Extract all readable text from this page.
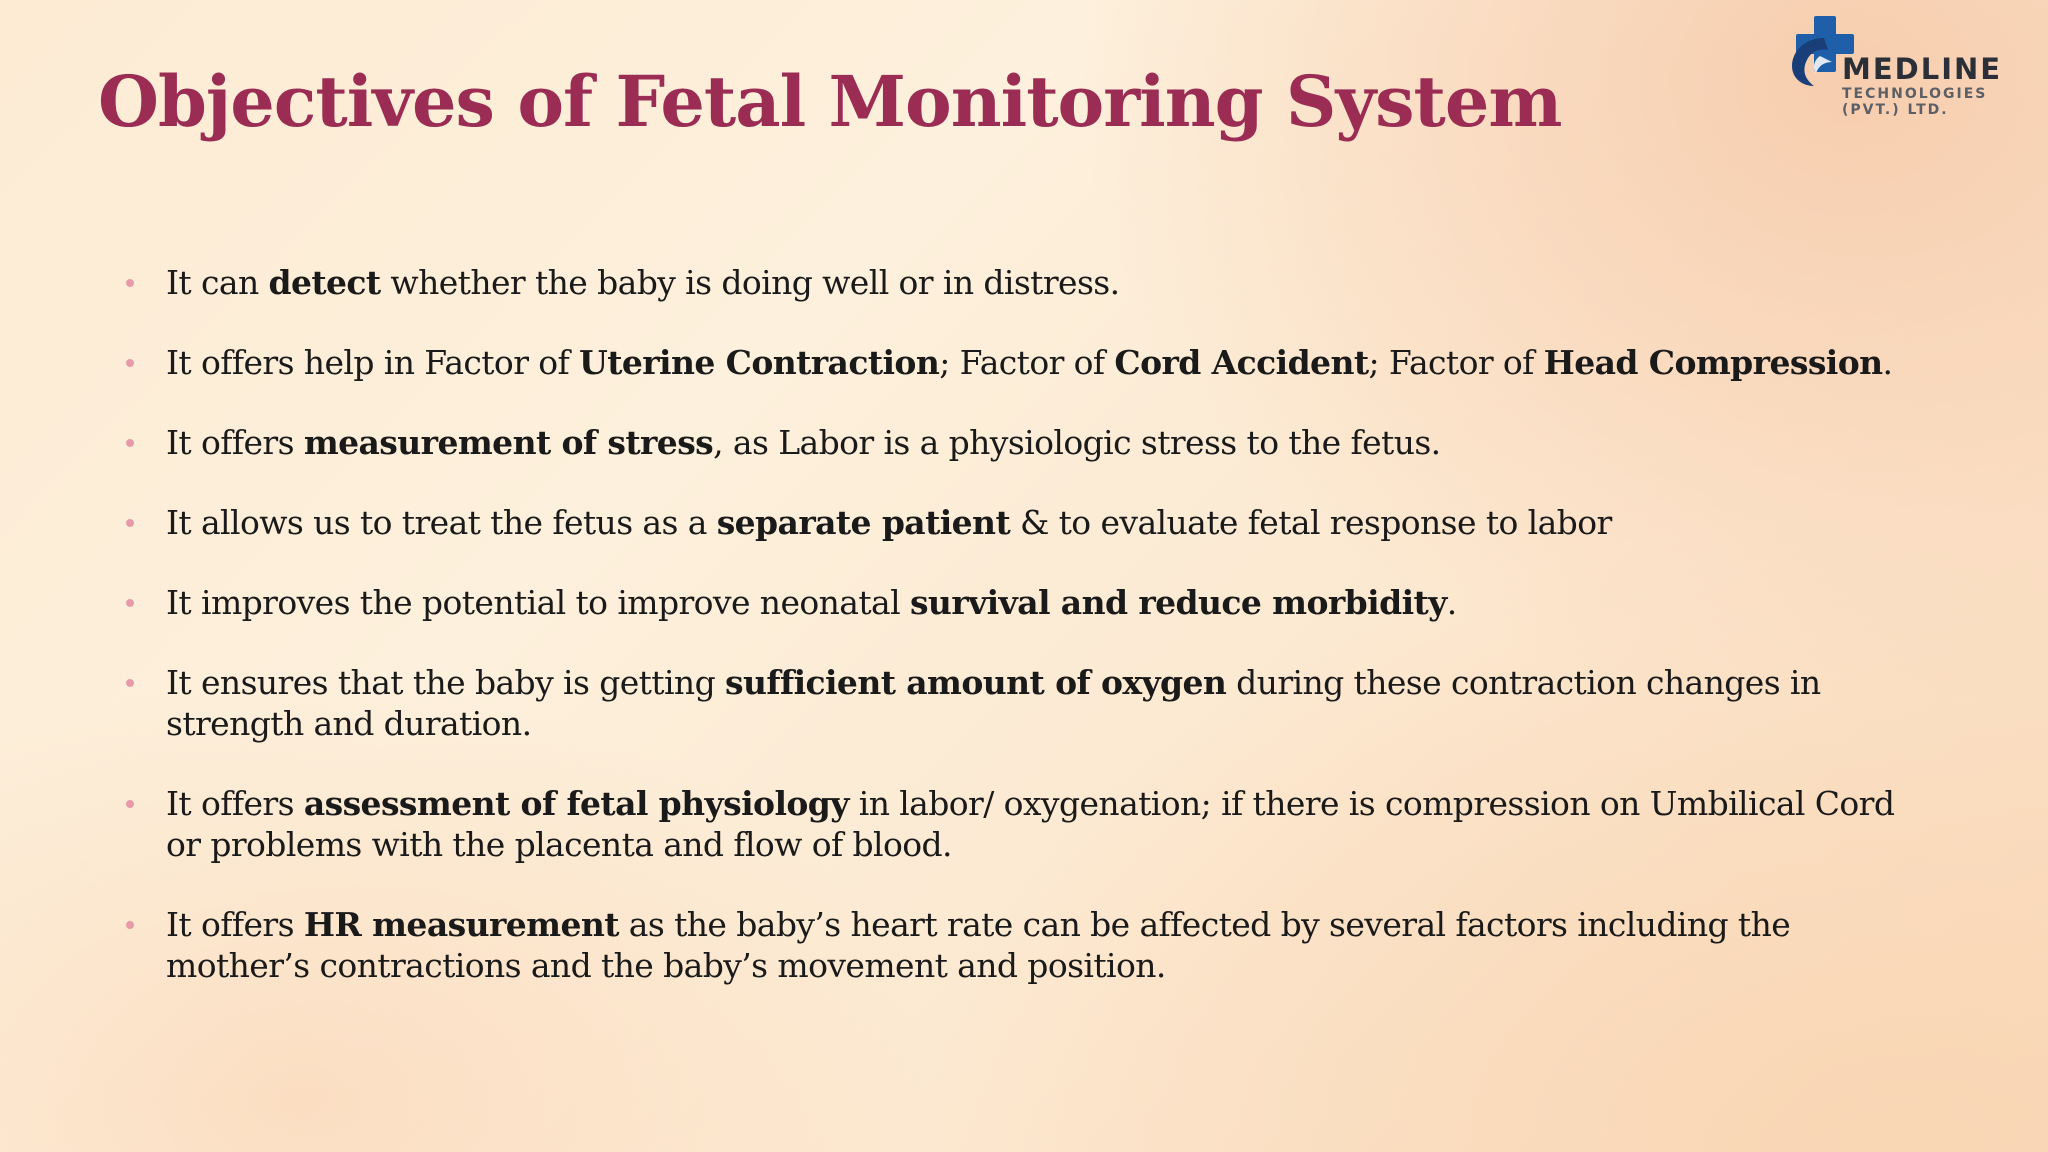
Objectives of Fetal Monitoring System	MEDLINE
TECHNOLOGIES
(PVT.) LTD.
It can detect whether the baby is doing well or in distress.
It offers help in Factor of Uterine Contraction; Factor of Cord Accident; Factor of Head Compression.
It offers measurement of stress, as Labor is a physiologic stress to the fetus.
It allows us to treat the fetus as a separate patient & to evaluate fetal response to labor
It improves the potential to improve neonatal survival and reduce morbidity.
It ensures that the baby is getting sufficient amount of oxygen during these contraction changes in strength and duration.
It offers assessment of fetal physiology in labor/ oxygenation; if there is compression on Umbilical Cord or problems with the placenta and flow of blood.
It offers HR measurement as the baby’s heart rate can be affected by several factors including the mother’s contractions and the baby’s movement and position.
